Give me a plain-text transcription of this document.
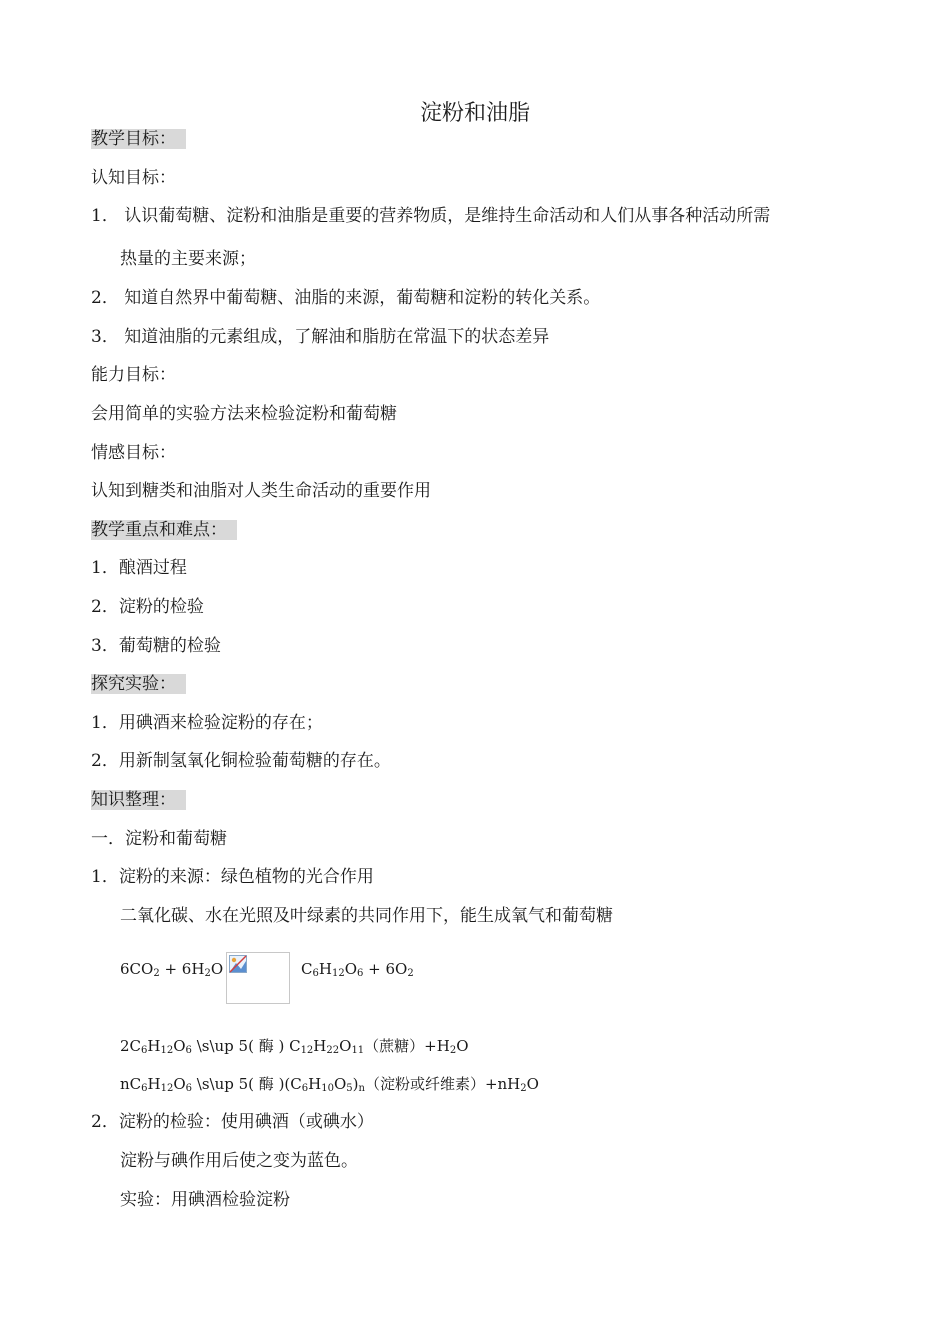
淀粉和油脂
教学目标：
认知目标：
1． 认识葡萄糖、淀粉和油脂是重要的营养物质，是维持生命活动和人们从事各种活动所需
热量的主要来源；
2． 知道自然界中葡萄糖、油脂的来源，葡萄糖和淀粉的转化关系。
3． 知道油脂的元素组成，了解油和脂肪在常温下的状态差异
能力目标：
会用简单的实验方法来检验淀粉和葡萄糖
情感目标：
认知到糖类和油脂对人类生命活动的重要作用
教学重点和难点：
1．酿酒过程
2．淀粉的检验
3．葡萄糖的检验
探究实验：
1．用碘酒来检验淀粉的存在；
2．用新制氢氧化铜检验葡萄糖的存在。
知识整理：
一．淀粉和葡萄糖
1．淀粉的来源：绿色植物的光合作用
二氧化碳、水在光照及叶绿素的共同作用下，能生成氧气和葡萄糖
$6CO_2 + 6H_2O$	$C_6H_{12}O_6 + 6O_2$
$2C_6H_{12}O_6$ \s\up 5( 酶 ) $C_{12}H_{22}O_{11}$（蔗糖）$+H_2O$
$nC_6H_{12}O_6$ \s\up 5( 酶 )$(C_6H_{10}O_5)_n$（淀粉或纤维素）$+nH_2O$
2．淀粉的检验：使用碘酒（或碘水）
淀粉与碘作用后使之变为蓝色。
实验：用碘酒检验淀粉
